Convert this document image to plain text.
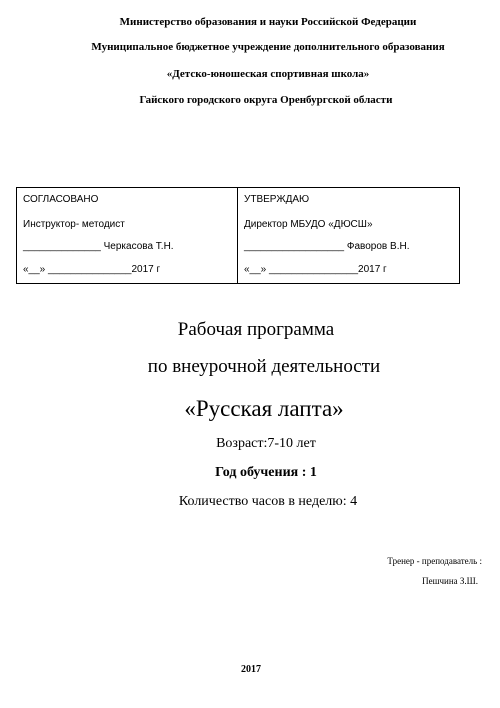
Министерство образования и науки Российской Федерации
Муниципальное бюджетное учреждение дополнительного образования
«Детско-юношеская спортивная школа»
Гайского городского округа Оренбургской области
СОГЛАСОВАНО
Инструктор- методист
______________ Черкасова Т.Н.
«__» _______________2017 г
УТВЕРЖДАЮ
Директор МБУДО «ДЮСШ»
__________________ Фаворов В.Н.
«__» ________________2017 г
Рабочая программа
по внеурочной деятельности
«Русская лапта»
Возраст:7-10 лет
Год обучения : 1
Количество часов в неделю: 4
Тренер - преподаватель :
Пешчина З.Ш.
2017
